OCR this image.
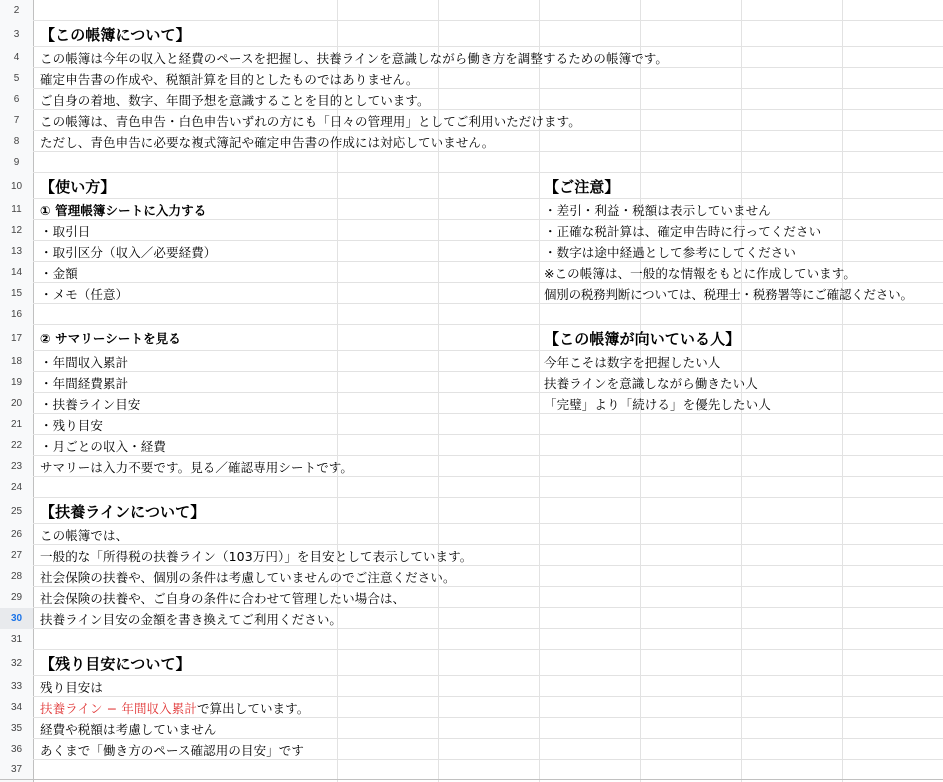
2
3	【この帳簿について】
4	この帳簿は今年の収入と経費のペースを把握し、扶養ラインを意識しながら働き方を調整するための帳簿です。
5	確定申告書の作成や、税額計算を目的としたものではありません。
6	ご自身の着地、数字、年間予想を意識することを目的としています。
7	この帳簿は、青色申告・白色申告いずれの方にも「日々の管理用」としてご利用いただけます。
8	ただし、青色申告に必要な複式簿記や確定申告書の作成には対応していません。
9
10	【使い方】	【ご注意】
11	① 管理帳簿シートに入力する	・差引・利益・税額は表示していません
12	・取引日	・正確な税計算は、確定申告時に行ってください
13	・取引区分（収入／必要経費）	・数字は途中経過として参考にしてください
14	・金額	※この帳簿は、一般的な情報をもとに作成しています。
15	・メモ（任意）	個別の税務判断については、税理士・税務署等にご確認ください。
16
17	② サマリーシートを見る	【この帳簿が向いている人】
18	・年間収入累計	今年こそは数字を把握したい人
19	・年間経費累計	扶養ラインを意識しながら働きたい人
20	・扶養ライン目安	「完璧」より「続ける」を優先したい人
21	・残り目安
22	・月ごとの収入・経費
23	サマリーは入力不要です。見る／確認専用シートです。
24
25	【扶養ラインについて】
26	この帳簿では、
27	一般的な「所得税の扶養ライン（103万円）」を目安として表示しています。
28	社会保険の扶養や、個別の条件は考慮していませんのでご注意ください。
29	社会保険の扶養や、ご自身の条件に合わせて管理したい場合は、
30	扶養ライン目安の金額を書き換えてご利用ください。
31
32	【残り目安について】
33	残り目安は
34	扶養ライン − 年間収入累計 で算出しています。
35	経費や税額は考慮していません
36	あくまで「働き方のペース確認用の目安」です
37
